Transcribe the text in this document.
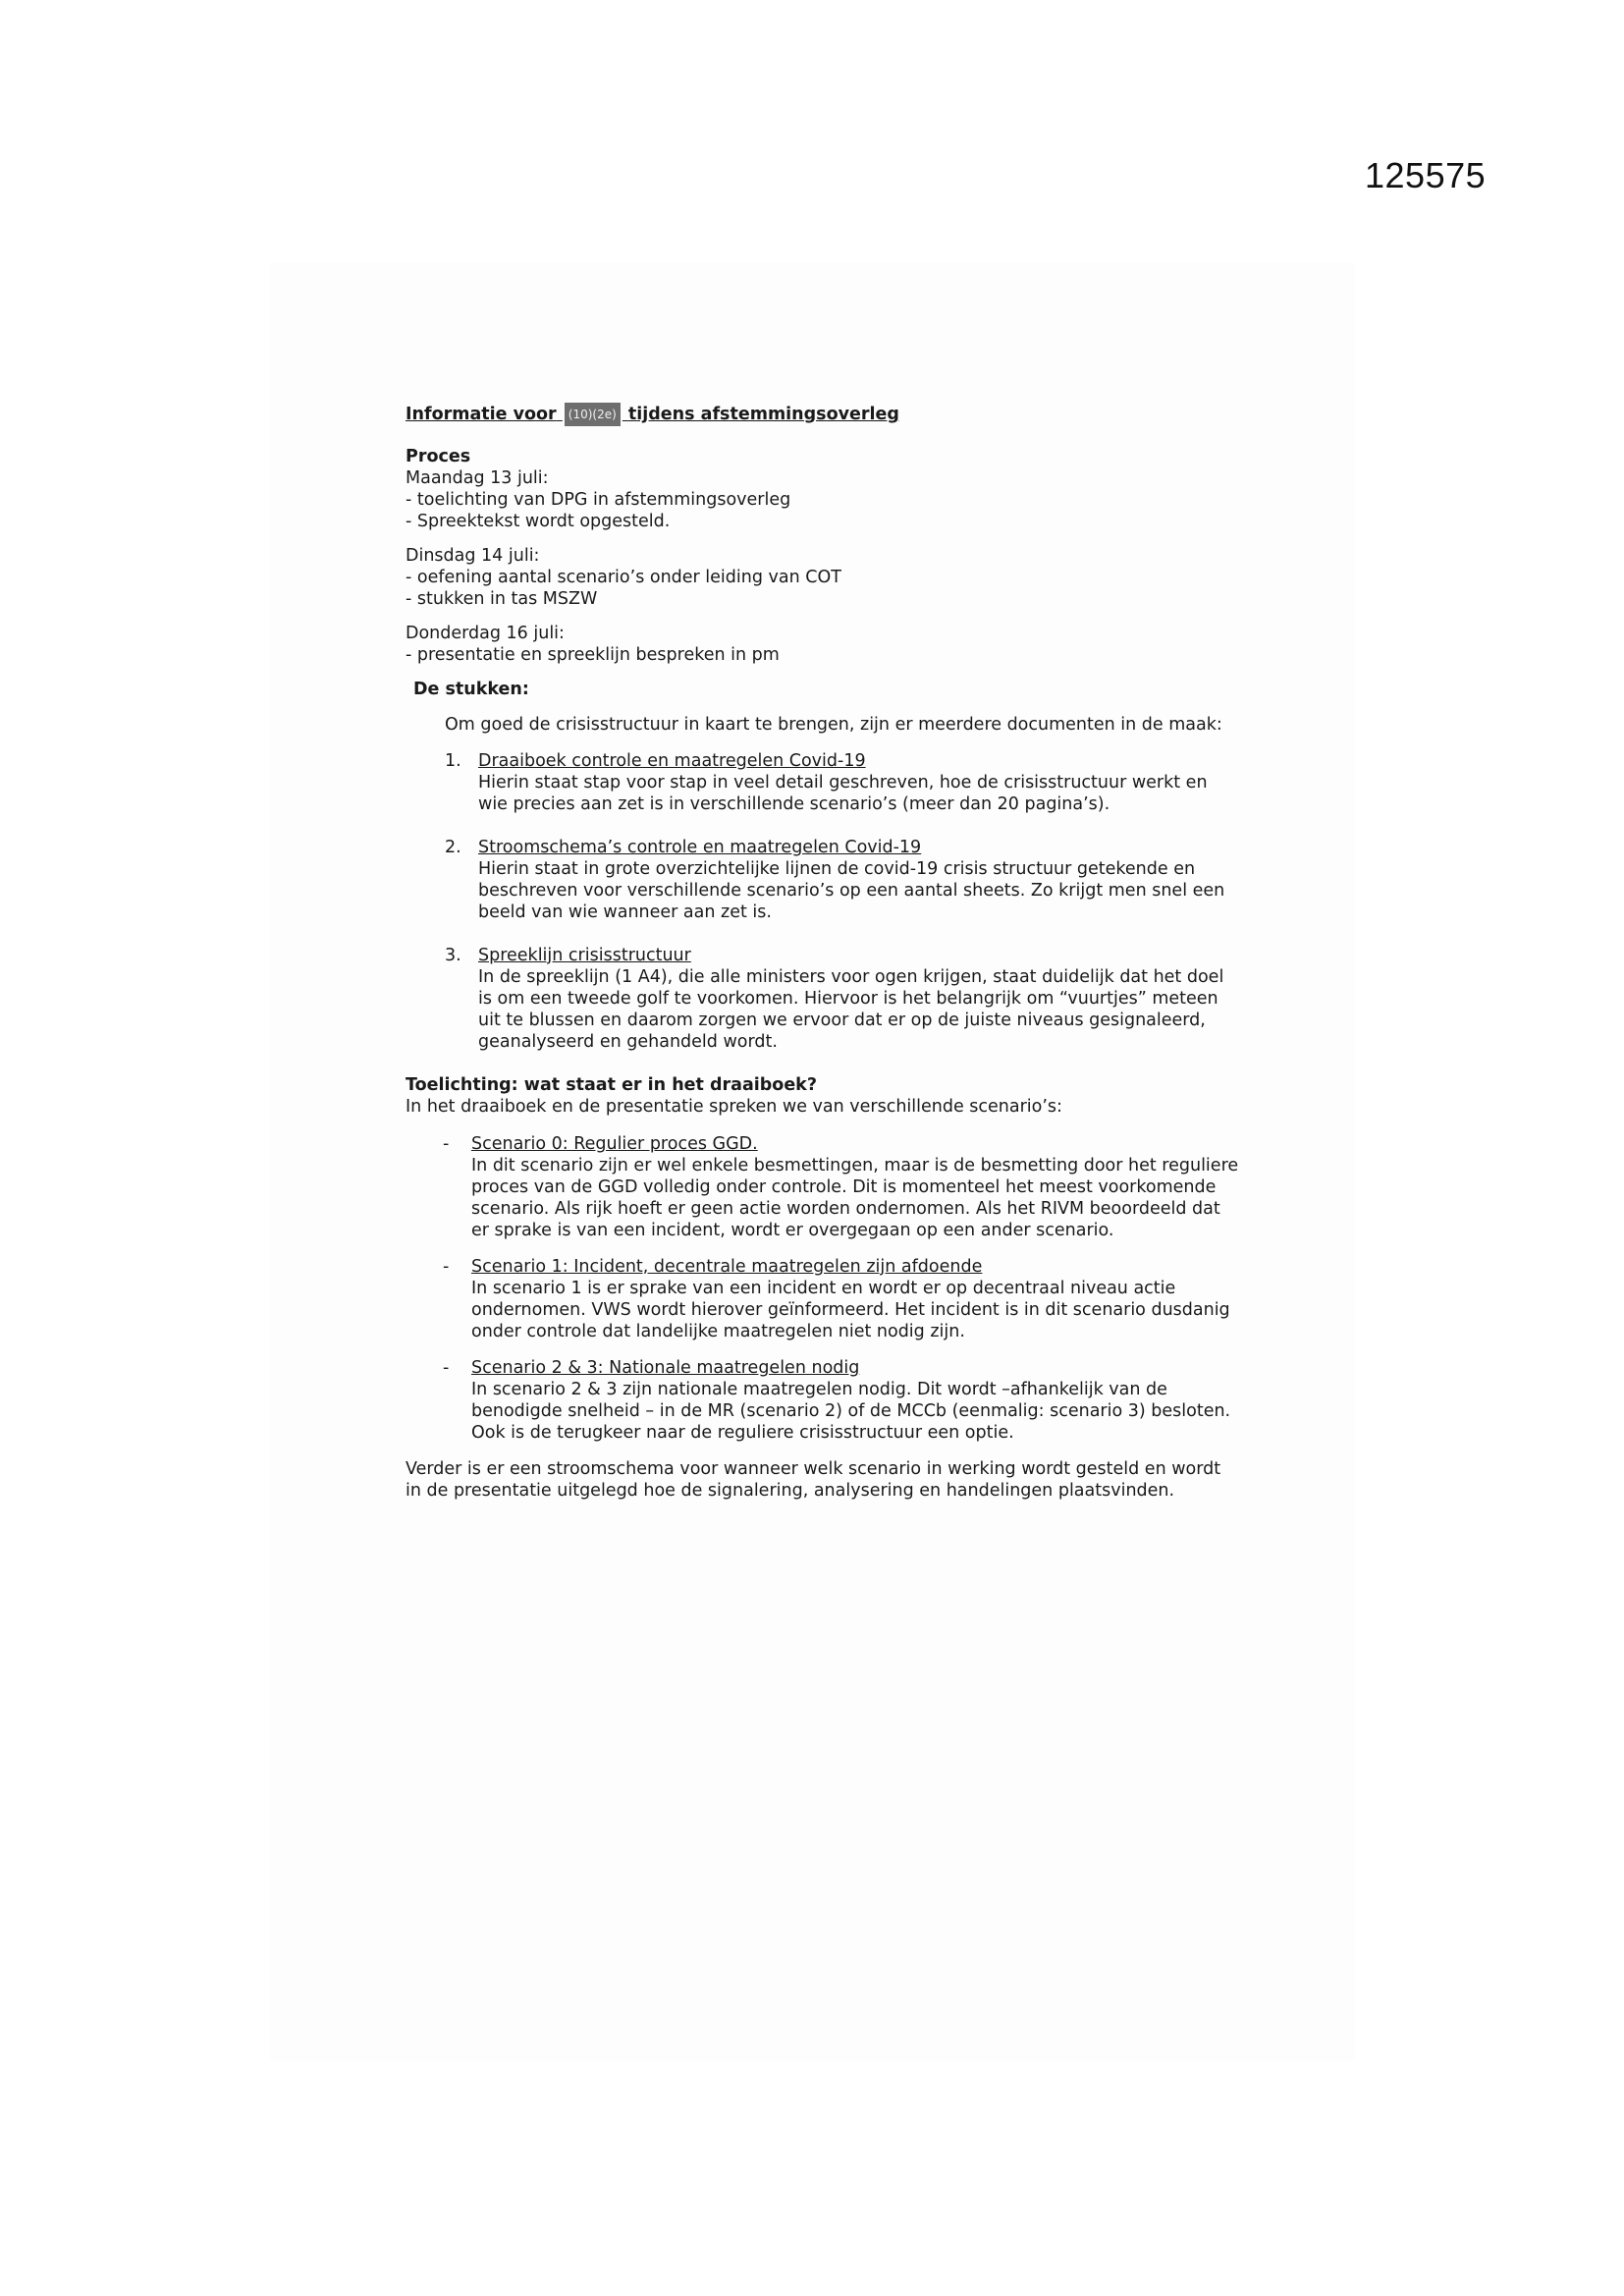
125575
Informatie voor (10)(2e) tijdens afstemmingsoverleg
Proces
Maandag 13 juli:
- toelichting van DPG in afstemmingsoverleg
- Spreektekst wordt opgesteld.
Dinsdag 14 juli:
- oefening aantal scenario’s onder leiding van COT
- stukken in tas MSZW
Donderdag 16 juli:
- presentatie en spreeklijn bespreken in pm
De stukken:
Om goed de crisisstructuur in kaart te brengen, zijn er meerdere documenten in de maak:
1. Draaiboek controle en maatregelen Covid-19
Hierin staat stap voor stap in veel detail geschreven, hoe de crisisstructuur werkt en wie precies aan zet is in verschillende scenario’s (meer dan 20 pagina’s).
2. Stroomschema’s controle en maatregelen Covid-19
Hierin staat in grote overzichtelijke lijnen de covid-19 crisis structuur getekende en beschreven voor verschillende scenario’s op een aantal sheets. Zo krijgt men snel een beeld van wie wanneer aan zet is.
3. Spreeklijn crisisstructuur
In de spreeklijn (1 A4), die alle ministers voor ogen krijgen, staat duidelijk dat het doel is om een tweede golf te voorkomen. Hiervoor is het belangrijk om “vuurtjes” meteen uit te blussen en daarom zorgen we ervoor dat er op de juiste niveaus gesignaleerd, geanalyseerd en gehandeld wordt.
Toelichting: wat staat er in het draaiboek?
In het draaiboek en de presentatie spreken we van verschillende scenario’s:
- Scenario 0: Regulier proces GGD.
In dit scenario zijn er wel enkele besmettingen, maar is de besmetting door het reguliere proces van de GGD volledig onder controle. Dit is momenteel het meest voorkomende scenario. Als rijk hoeft er geen actie worden ondernomen. Als het RIVM beoordeeld dat er sprake is van een incident, wordt er overgegaan op een ander scenario.
- Scenario 1: Incident, decentrale maatregelen zijn afdoende
In scenario 1 is er sprake van een incident en wordt er op decentraal niveau actie ondernomen. VWS wordt hierover geïnformeerd. Het incident is in dit scenario dusdanig onder controle dat landelijke maatregelen niet nodig zijn.
- Scenario 2 & 3: Nationale maatregelen nodig
In scenario 2 & 3 zijn nationale maatregelen nodig. Dit wordt –afhankelijk van de benodigde snelheid – in de MR (scenario 2) of de MCCb (eenmalig: scenario 3) besloten. Ook is de terugkeer naar de reguliere crisisstructuur een optie.
Verder is er een stroomschema voor wanneer welk scenario in werking wordt gesteld en wordt in de presentatie uitgelegd hoe de signalering, analysering en handelingen plaatsvinden.
